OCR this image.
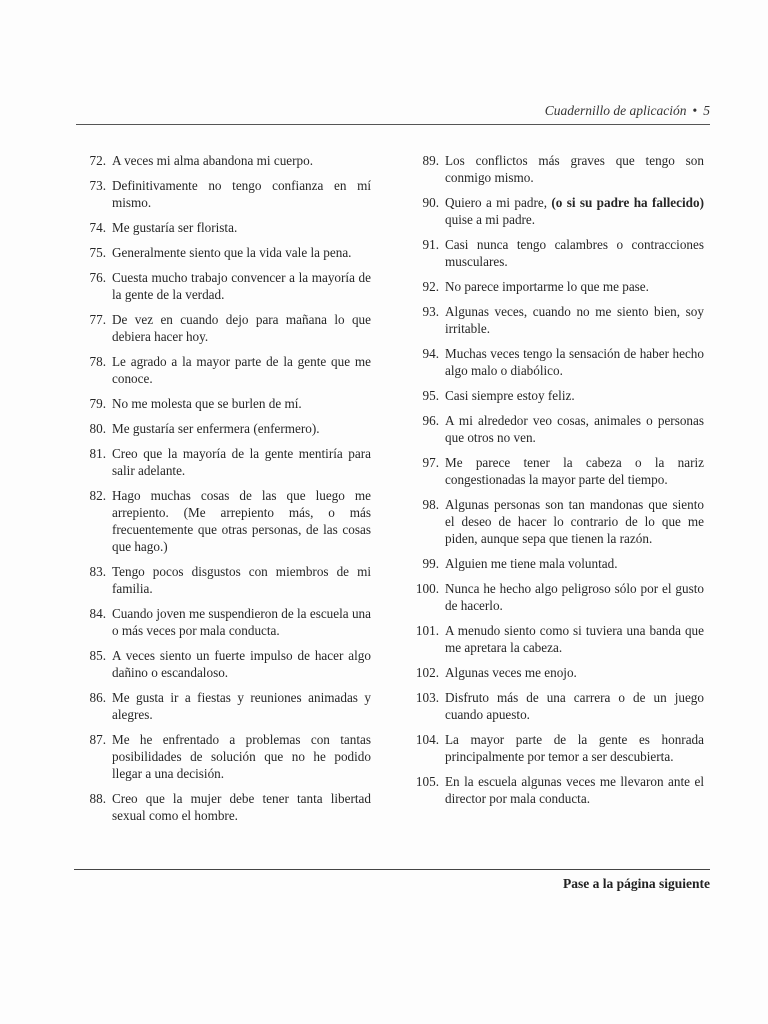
Cuadernillo de aplicación • 5
72. A veces mi alma abandona mi cuerpo.
73. Definitivamente no tengo confianza en mí mismo.
74. Me gustaría ser florista.
75. Generalmente siento que la vida vale la pena.
76. Cuesta mucho trabajo convencer a la mayoría de la gente de la verdad.
77. De vez en cuando dejo para mañana lo que debiera hacer hoy.
78. Le agrado a la mayor parte de la gente que me conoce.
79. No me molesta que se burlen de mí.
80. Me gustaría ser enfermera (enfermero).
81. Creo que la mayoría de la gente mentiría para salir adelante.
82. Hago muchas cosas de las que luego me arrepiento. (Me arrepiento más, o más frecuentemente que otras personas, de las cosas que hago.)
83. Tengo pocos disgustos con miembros de mi familia.
84. Cuando joven me suspendieron de la escuela una o más veces por mala conducta.
85. A veces siento un fuerte impulso de hacer algo dañino o escandaloso.
86. Me gusta ir a fiestas y reuniones animadas y alegres.
87. Me he enfrentado a problemas con tantas posibilidades de solución que no he podido llegar a una decisión.
88. Creo que la mujer debe tener tanta libertad sexual como el hombre.
89. Los conflictos más graves que tengo son conmigo mismo.
90. Quiero a mi padre, (o si su padre ha fallecido) quise a mi padre.
91. Casi nunca tengo calambres o contracciones musculares.
92. No parece importarme lo que me pase.
93. Algunas veces, cuando no me siento bien, soy irritable.
94. Muchas veces tengo la sensación de haber hecho algo malo o diabólico.
95. Casi siempre estoy feliz.
96. A mi alrededor veo cosas, animales o personas que otros no ven.
97. Me parece tener la cabeza o la nariz congestionadas la mayor parte del tiempo.
98. Algunas personas son tan mandonas que siento el deseo de hacer lo contrario de lo que me piden, aunque sepa que tienen la razón.
99. Alguien me tiene mala voluntad.
100. Nunca he hecho algo peligroso sólo por el gusto de hacerlo.
101. A menudo siento como si tuviera una banda que me apretara la cabeza.
102. Algunas veces me enojo.
103. Disfruto más de una carrera o de un juego cuando apuesto.
104. La mayor parte de la gente es honrada principalmente por temor a ser descubierta.
105. En la escuela algunas veces me llevaron ante el director por mala conducta.
Pase a la página siguiente
